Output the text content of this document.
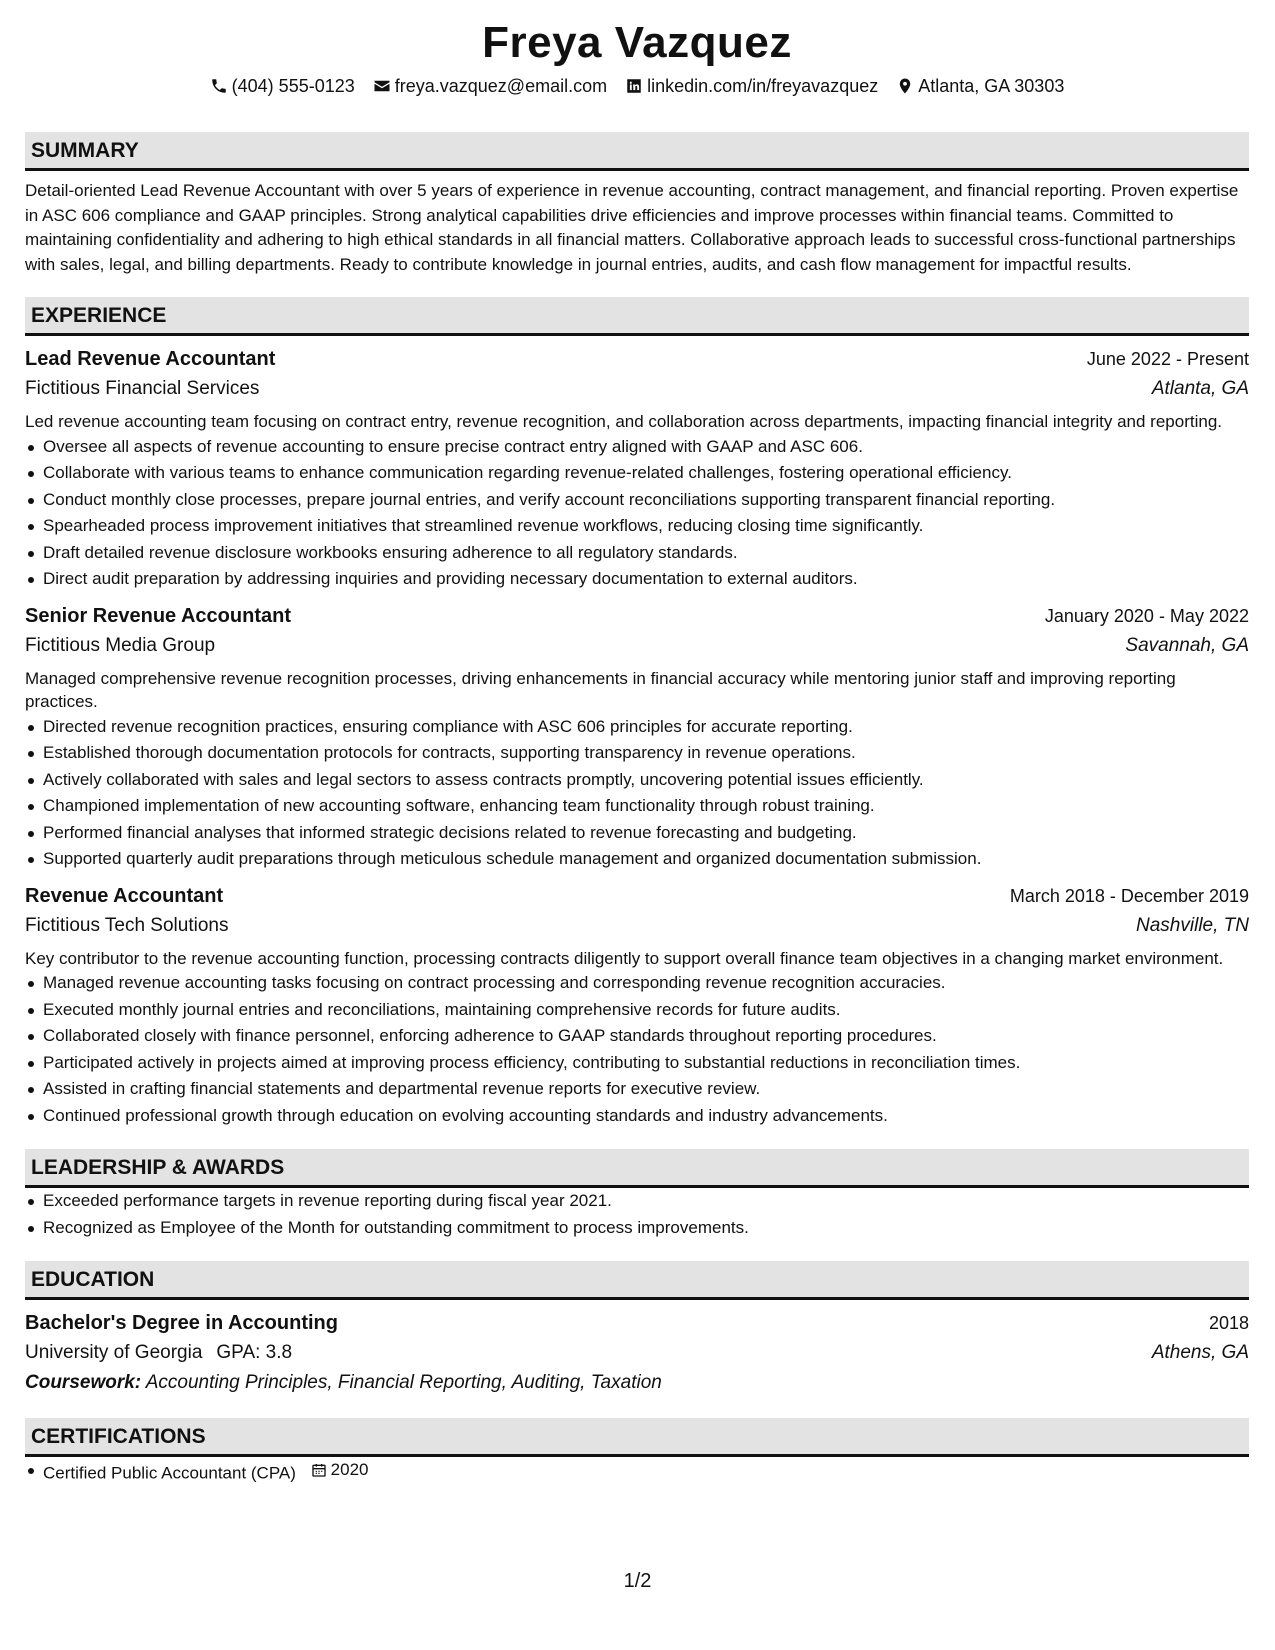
Freya Vazquez
(404) 555-0123 freya.vazquez@email.com linkedin.com/in/freyavazquez Atlanta, GA 30303
SUMMARY

Detail-oriented Lead Revenue Accountant with over 5 years of experience in revenue accounting, contract management, and financial reporting. Proven expertise in ASC 606 compliance and GAAP principles. Strong analytical capabilities drive efficiencies and improve processes within financial teams. Committed to maintaining confidentiality and adhering to high ethical standards in all financial matters. Collaborative approach leads to successful cross-functional partnerships with sales, legal, and billing departments. Ready to contribute knowledge in journal entries, audits, and cash flow management for impactful results.

EXPERIENCE
Lead Revenue Accountant	June 2022 - Present
Fictitious Financial Services	Atlanta, GA

Led revenue accounting team focusing on contract entry, revenue recognition, and collaboration across departments, impacting financial integrity and reporting.

Oversee all aspects of revenue accounting to ensure precise contract entry aligned with GAAP and ASC 606.
Collaborate with various teams to enhance communication regarding revenue-related challenges, fostering operational efficiency.
Conduct monthly close processes, prepare journal entries, and verify account reconciliations supporting transparent financial reporting.
Spearheaded process improvement initiatives that streamlined revenue workflows, reducing closing time significantly.
Draft detailed revenue disclosure workbooks ensuring adherence to all regulatory standards.
Direct audit preparation by addressing inquiries and providing necessary documentation to external auditors.
Senior Revenue Accountant	January 2020 - May 2022
Fictitious Media Group	Savannah, GA

Managed comprehensive revenue recognition processes, driving enhancements in financial accuracy while mentoring junior staff and improving reporting practices.

Directed revenue recognition practices, ensuring compliance with ASC 606 principles for accurate reporting.
Established thorough documentation protocols for contracts, supporting transparency in revenue operations.
Actively collaborated with sales and legal sectors to assess contracts promptly, uncovering potential issues efficiently.
Championed implementation of new accounting software, enhancing team functionality through robust training.
Performed financial analyses that informed strategic decisions related to revenue forecasting and budgeting.
Supported quarterly audit preparations through meticulous schedule management and organized documentation submission.
Revenue Accountant	March 2018 - December 2019
Fictitious Tech Solutions	Nashville, TN

Key contributor to the revenue accounting function, processing contracts diligently to support overall finance team objectives in a changing market environment.

Managed revenue accounting tasks focusing on contract processing and corresponding revenue recognition accuracies.
Executed monthly journal entries and reconciliations, maintaining comprehensive records for future audits.
Collaborated closely with finance personnel, enforcing adherence to GAAP standards throughout reporting procedures.
Participated actively in projects aimed at improving process efficiency, contributing to substantial reductions in reconciliation times.
Assisted in crafting financial statements and departmental revenue reports for executive review.
Continued professional growth through education on evolving accounting standards and industry advancements.
LEADERSHIP & AWARDS
Exceeded performance targets in revenue reporting during fiscal year 2021.
Recognized as Employee of the Month for outstanding commitment to process improvements.
EDUCATION
Bachelor's Degree in Accounting	2018
University of Georgia GPA: 3.8	Athens, GA
Coursework: Accounting Principles, Financial Reporting, Auditing, Taxation
CERTIFICATIONS
Certified Public Accountant (CPA) 2020
1/2
